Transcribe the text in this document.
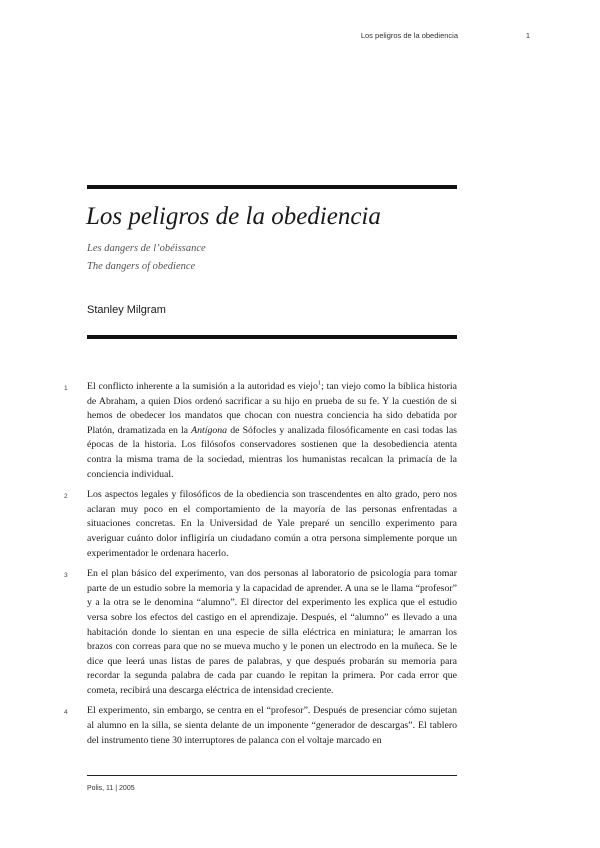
Los peligros de la obediencia	1
Los peligros de la obediencia
Les dangers de l’obéissance
The dangers of obedience
Stanley Milgram

1	El conflicto inherente a la sumisión a la autoridad es viejo$^1$; tan viejo como la bíblica historia de Abraham, a quien Dios ordenó sacrificar a su hijo en prueba de su fe. Y la cuestión de si hemos de obedecer los mandatos que chocan con nuestra conciencia ha sido debatida por Platón, dramatizada en la Antígona de Sófocles y analizada filosóficamente en casi todas las épocas de la historia. Los filósofos conservadores sostienen que la desobediencia atenta contra la misma trama de la sociedad, mientras los humanistas recalcan la primacía de la conciencia individual.

2	Los aspectos legales y filosóficos de la obediencia son trascendentes en alto grado, pero nos aclaran muy poco en el comportamiento de la mayoría de las personas enfrentadas a situaciones concretas. En la Universidad de Yale preparé un sencillo experimento para averiguar cuánto dolor infligiría un ciudadano común a otra persona simplemente porque un experimentador le ordenara hacerlo.

3	En el plan básico del experimento, van dos personas al laboratorio de psicología para tomar parte de un estudio sobre la memoria y la capacidad de aprender. A una se le llama “profesor” y a la otra se le denomina “alumno”. El director del experimento les explica que el estudio versa sobre los efectos del castigo en el aprendizaje. Después, el “alumno” es llevado a una habitación donde lo sientan en una especie de silla eléctrica en miniatura; le amarran los brazos con correas para que no se mueva mucho y le ponen un electrodo en la muñeca. Se le dice que leerá unas listas de pares de palabras, y que después probarán su memoria para recordar la segunda palabra de cada par cuando le repitan la primera. Por cada error que cometa, recibirá una descarga eléctrica de intensidad creciente.

4	El experimento, sin embargo, se centra en el “profesor”. Después de presenciar cómo sujetan al alumno en la silla, se sienta delante de un imponente “generador de descargas”. El tablero del instrumento tiene 30 interruptores de palanca con el voltaje marcado en

Polis, 11 | 2005
